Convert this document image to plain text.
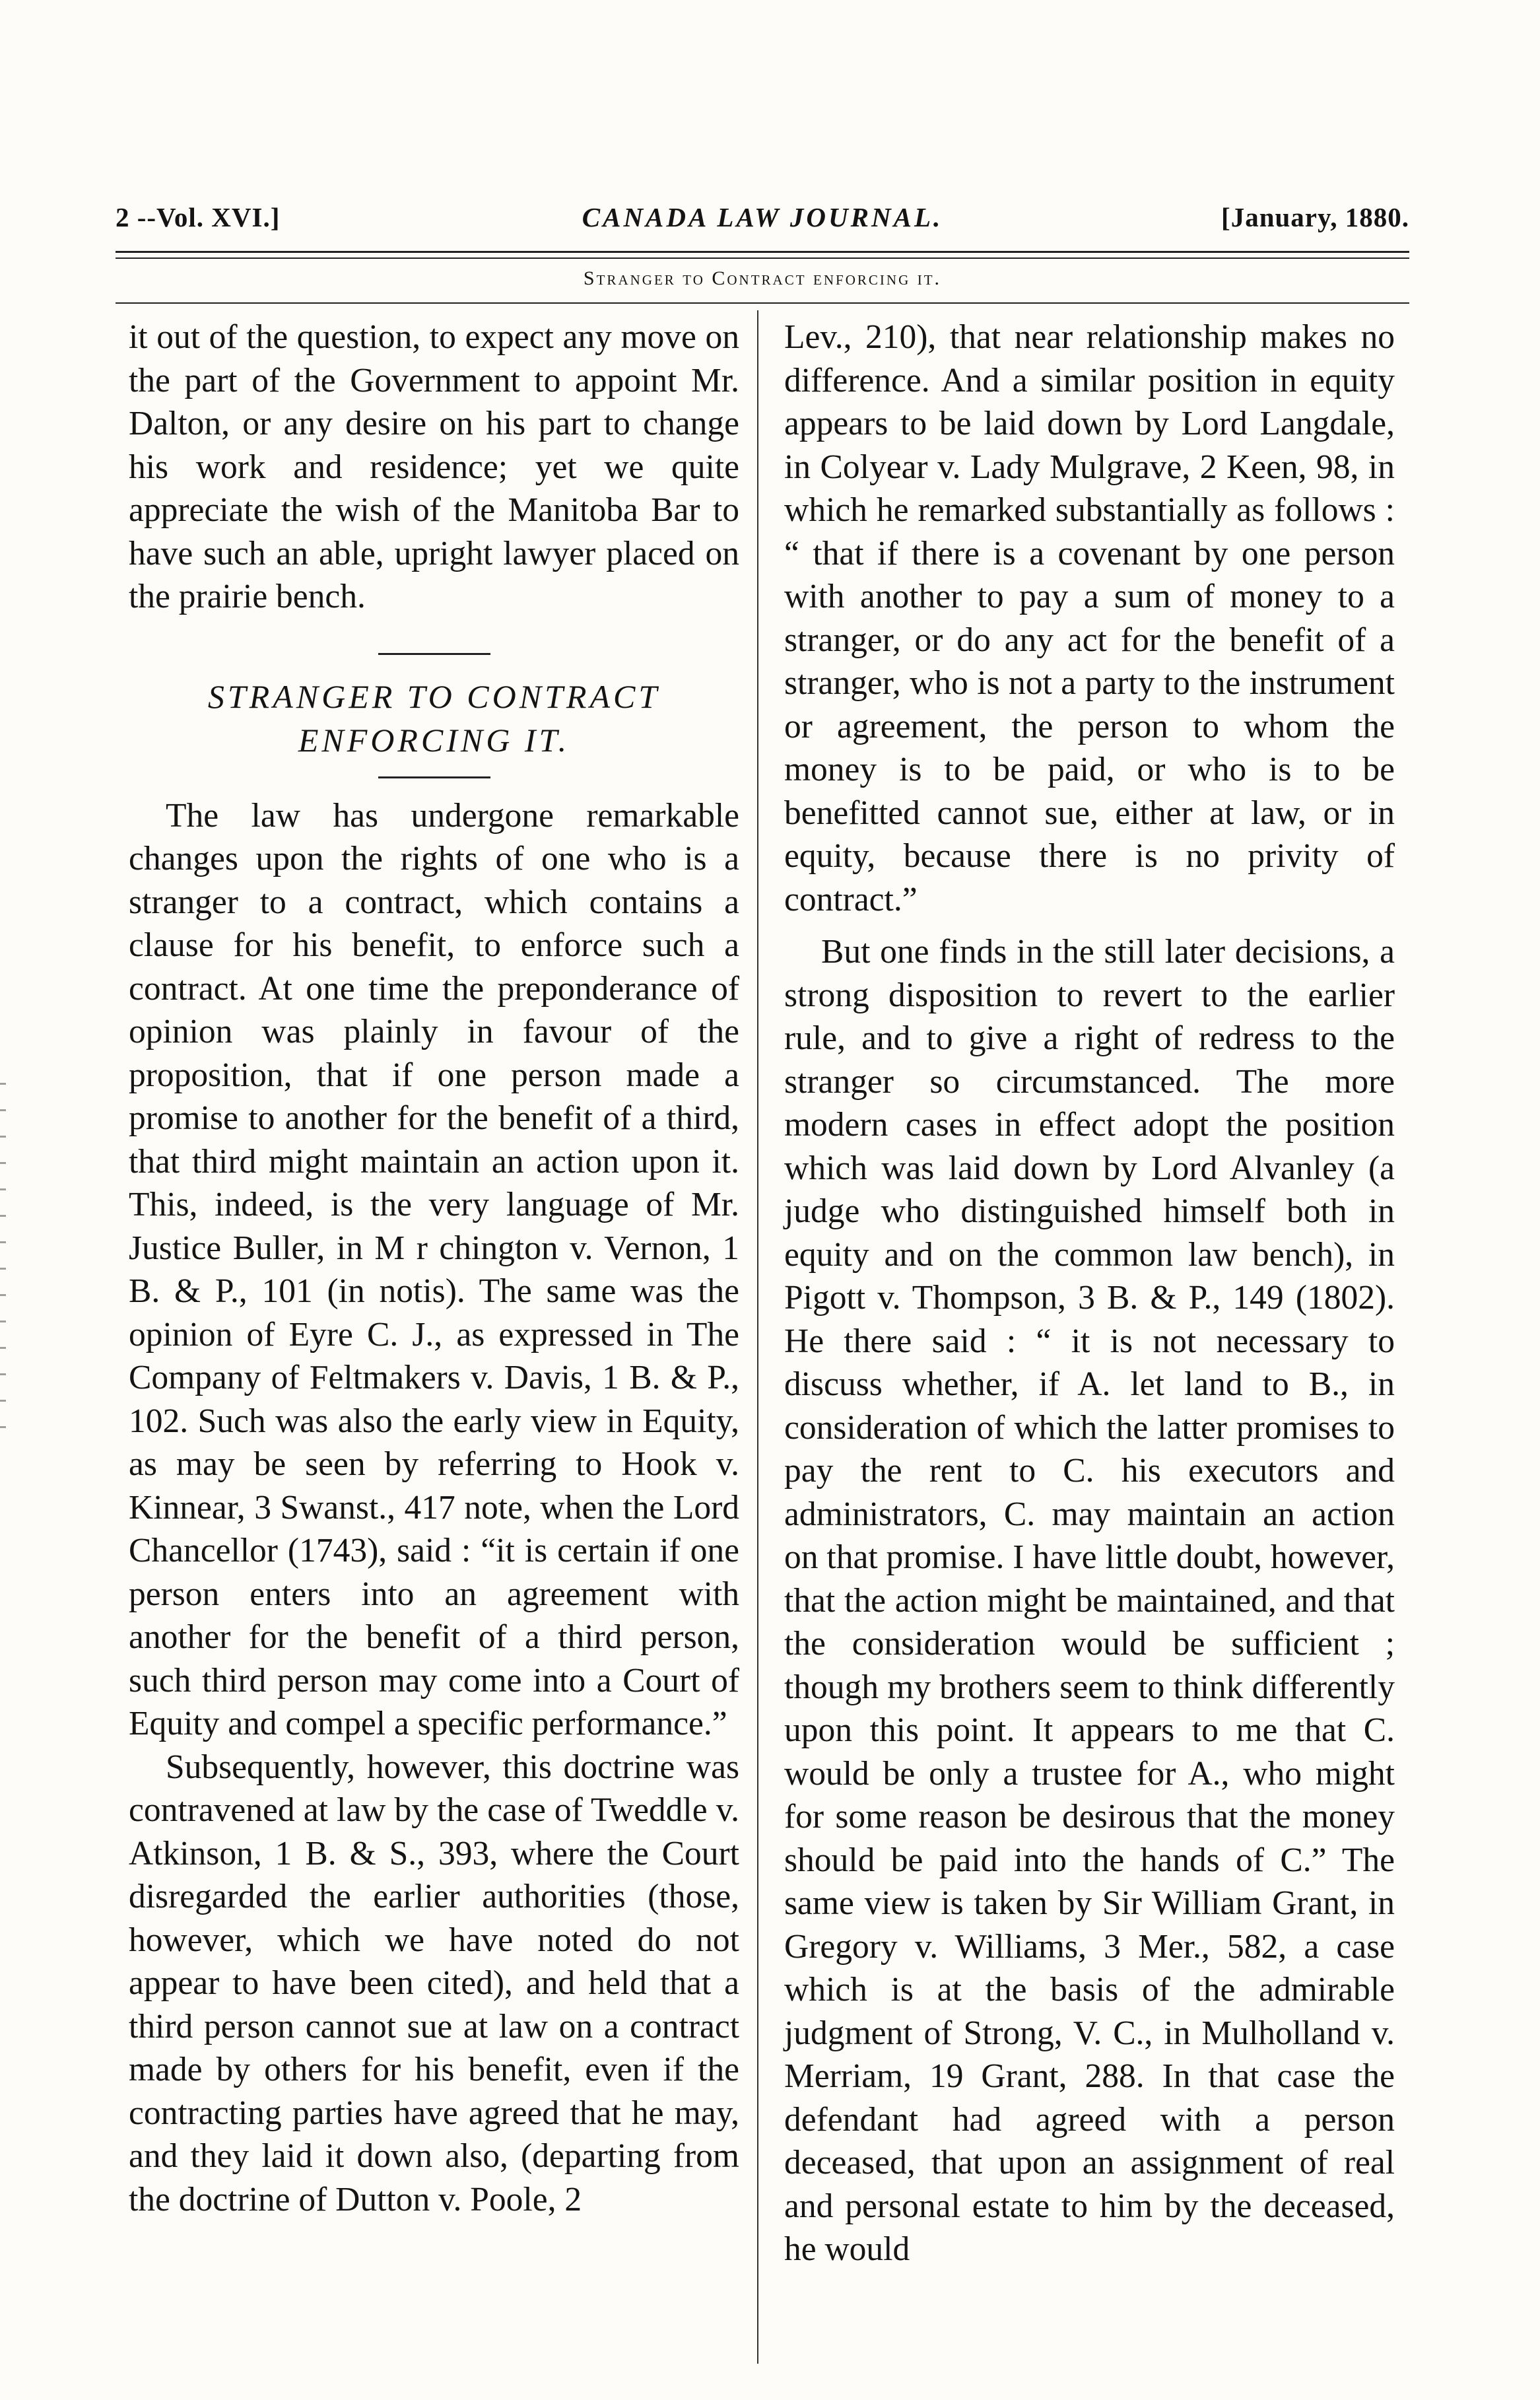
2 --Vol. XVI.]	CANADA LAW JOURNAL.	[January, 1880.
Stranger to Contract enforcing it.

it out of the question, to expect any move on the part of the Government to appoint Mr. Dalton, or any desire on his part to change his work and residence; yet we quite appreciate the wish of the Manitoba Bar to have such an able, upright lawyer placed on the prairie bench.

STRANGER TO CONTRACT
ENFORCING IT.

The law has undergone remarkable changes upon the rights of one who is a stranger to a contract, which contains a clause for his benefit, to enforce such a contract. At one time the preponderance of opinion was plainly in favour of the proposition, that if one person made a promise to another for the benefit of a third, that third might maintain an action upon it. This, indeed, is the very language of Mr. Justice Buller, in M r chington v. Vernon, 1 B. & P., 101 (in notis). The same was the opinion of Eyre C. J., as expressed in The Company of Feltmakers v. Davis, 1 B. & P., 102. Such was also the early view in Equity, as may be seen by referring to Hook v. Kinnear, 3 Swanst., 417 note, when the Lord Chancellor (1743), said : “it is certain if one person enters into an agreement with another for the benefit of a third person, such third person may come into a Court of Equity and compel a specific performance.”

Subsequently, however, this doctrine was contravened at law by the case of Tweddle v. Atkinson, 1 B. & S., 393, where the Court disregarded the earlier authorities (those, however, which we have noted do not appear to have been cited), and held that a third person cannot sue at law on a contract made by others for his benefit, even if the contracting parties have agreed that he may, and they laid it down also, (departing from the doctrine of Dutton v. Poole, 2

Lev., 210), that near relationship makes no difference. And a similar position in equity appears to be laid down by Lord Langdale, in Colyear v. Lady Mulgrave, 2 Keen, 98, in which he remarked substantially as follows : “ that if there is a covenant by one person with another to pay a sum of money to a stranger, or do any act for the benefit of a stranger, who is not a party to the instrument or agreement, the person to whom the money is to be paid, or who is to be benefitted cannot sue, either at law, or in equity, because there is no privity of contract.”

But one finds in the still later decisions, a strong disposition to revert to the earlier rule, and to give a right of redress to the stranger so circumstanced. The more modern cases in effect adopt the position which was laid down by Lord Alvanley (a judge who distinguished himself both in equity and on the common law bench), in Pigott v. Thompson, 3 B. & P., 149 (1802). He there said : “ it is not necessary to discuss whether, if A. let land to B., in consideration of which the latter promises to pay the rent to C. his executors and administrators, C. may maintain an action on that promise. I have little doubt, however, that the action might be maintained, and that the consideration would be sufficient ; though my brothers seem to think differently upon this point. It appears to me that C. would be only a trustee for A., who might for some reason be desirous that the money should be paid into the hands of C.” The same view is taken by Sir William Grant, in Gregory v. Williams, 3 Mer., 582, a case which is at the basis of the admirable judgment of Strong, V. C., in Mulholland v. Merriam, 19 Grant, 288. In that case the defendant had agreed with a person deceased, that upon an assignment of real and personal estate to him by the deceased, he would
